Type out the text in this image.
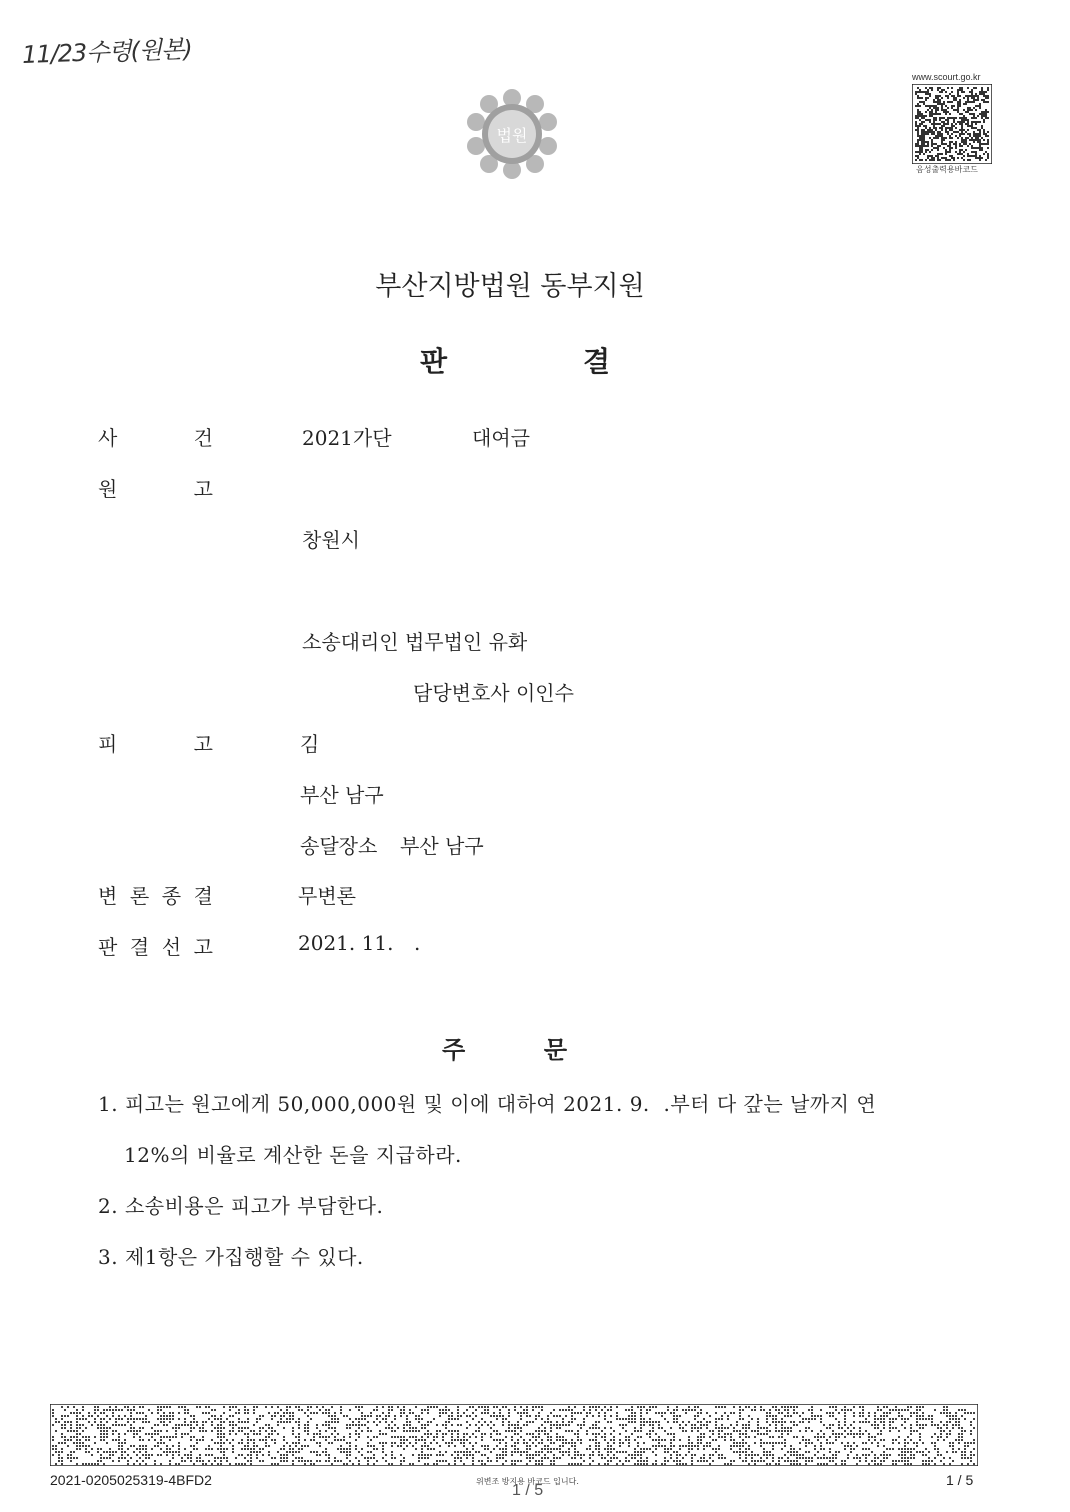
11/23수령(원본)
법원
www.scourt.go.kr
음성출력용바코드
부산지방법원 동부지원
판	결
사	건	2021가단	대여금
원	고
창원시
소송대리인 법무법인 유화
담당변호사 이인수
피	고	김
부산 남구
송달장소 부산 남구
변 론 종 결	무변론
판 결 선 고	2021. 11. .
주	문
1. 피고는 원고에게 50,000,000원 및 이에 대하여 2021. 9.  .부터 다 갚는 날까지 연
12%의 비율로 계산한 돈을 지급하라.
2. 소송비용은 피고가 부담한다.
3. 제1항은 가집행할 수 있다.
2021-0205025319-4BFD2	위변조 방지용 바코드 입니다.
1 / 5
1 / 5
